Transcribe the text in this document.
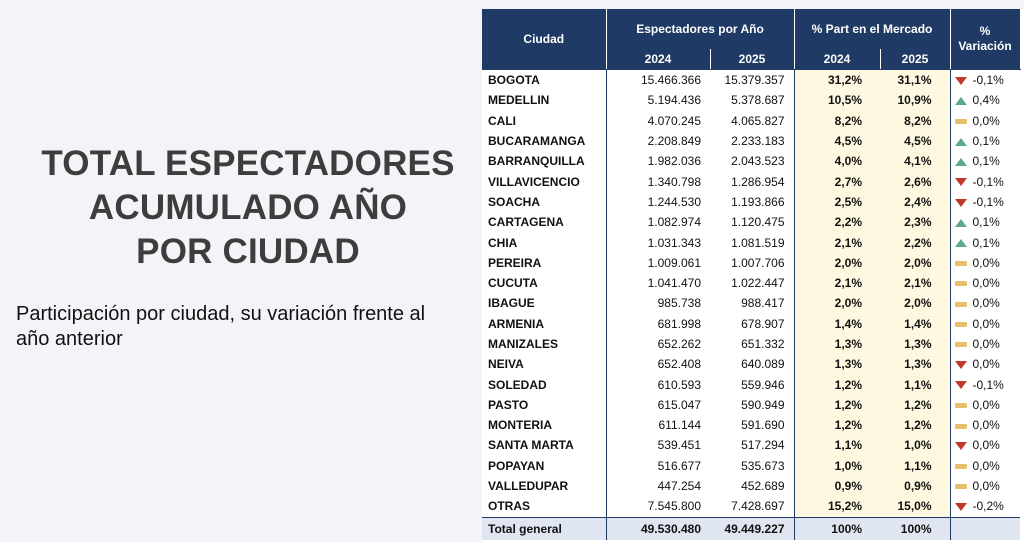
TOTAL ESPECTADORES
ACUMULADO AÑO
POR CIUDAD
Participación por ciudad, su variación frente al año anterior
Ciudad	Espectadores por Año		% Part en el Mercado		%
Variación

	2024	2025	2024	2025	
BOGOTA	15.466.366	15.379.357	31,2%	31,1%	-0,1%
MEDELLIN	5.194.436	5.378.687	10,5%	10,9%	0,4%
CALI	4.070.245	4.065.827	8,2%	8,2%	0,0%
BUCARAMANGA	2.208.849	2.233.183	4,5%	4,5%	0,1%
BARRANQUILLA	1.982.036	2.043.523	4,0%	4,1%	0,1%
VILLAVICENCIO	1.340.798	1.286.954	2,7%	2,6%	-0,1%
SOACHA	1.244.530	1.193.866	2,5%	2,4%	-0,1%
CARTAGENA	1.082.974	1.120.475	2,2%	2,3%	0,1%
CHIA	1.031.343	1.081.519	2,1%	2,2%	0,1%
PEREIRA	1.009.061	1.007.706	2,0%	2,0%	0,0%
CUCUTA	1.041.470	1.022.447	2,1%	2,1%	0,0%
IBAGUE	985.738	988.417	2,0%	2,0%	0,0%
ARMENIA	681.998	678.907	1,4%	1,4%	0,0%
MANIZALES	652.262	651.332	1,3%	1,3%	0,0%
NEIVA	652.408	640.089	1,3%	1,3%	0,0%
SOLEDAD	610.593	559.946	1,2%	1,1%	-0,1%
PASTO	615.047	590.949	1,2%	1,2%	0,0%
MONTERIA	611.144	591.690	1,2%	1,2%	0,0%
SANTA MARTA	539.451	517.294	1,1%	1,0%	0,0%
POPAYAN	516.677	535.673	1,0%	1,1%	0,0%
VALLEDUPAR	447.254	452.689	0,9%	0,9%	0,0%
OTRAS	7.545.800	7.428.697	15,2%	15,0%	-0,2%
Total general	49.530.480	49.449.227	100%	100%	
